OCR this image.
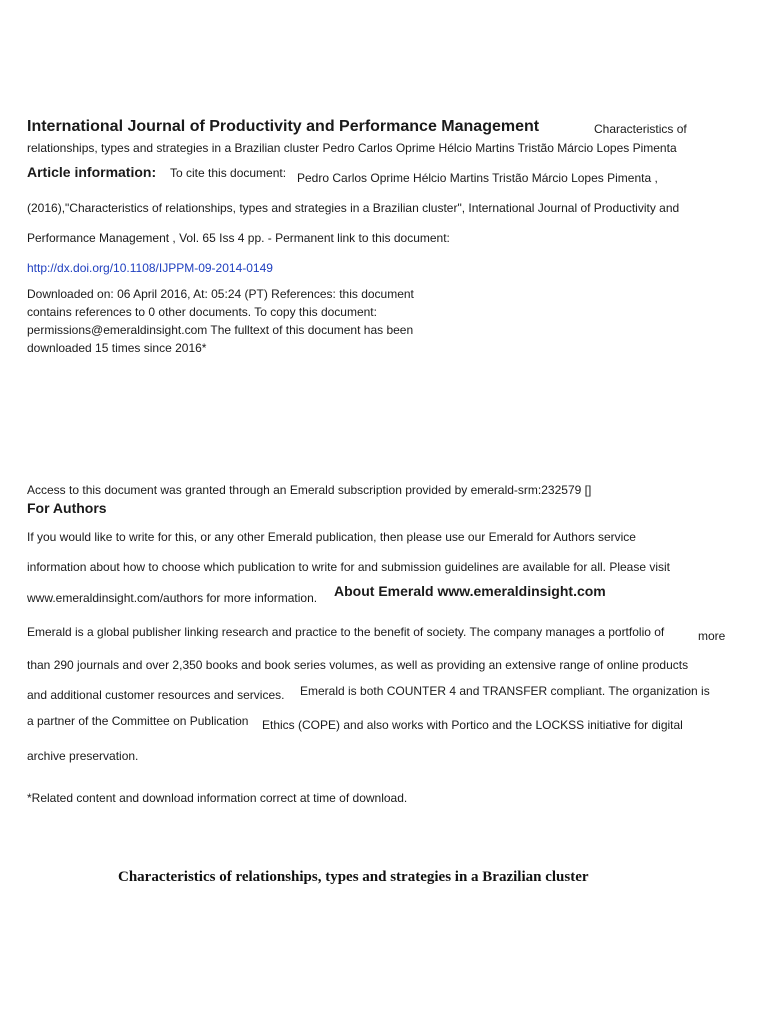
International Journal of Productivity and Performance Management	Characteristics of
relationships, types and strategies in a Brazilian cluster Pedro Carlos Oprime Hélcio Martins Tristão Márcio Lopes Pimenta
Article information: To cite this document: Pedro Carlos Oprime Hélcio Martins Tristão Márcio Lopes Pimenta ,
(2016),"Characteristics of relationships, types and strategies in a Brazilian cluster", International Journal of Productivity and
Performance Management , Vol. 65 Iss 4 pp. - Permanent link to this document:
http://dx.doi.org/10.1108/IJPPM-09-2014-0149
Downloaded on: 06 April 2016, At: 05:24 (PT) References: this document
contains references to 0 other documents. To copy this document:
permissions@emeraldinsight.com The fulltext of this document has been
downloaded 15 times since 2016*
Access to this document was granted through an Emerald subscription provided by emerald-srm:232579 []
For Authors
If you would like to write for this, or any other Emerald publication, then please use our Emerald for Authors service
information about how to choose which publication to write for and submission guidelines are available for all. Please visit
www.emeraldinsight.com/authors for more information. About Emerald www.emeraldinsight.com
Emerald is a global publisher linking research and practice to the benefit of society. The company manages a portfolio of	more
than 290 journals and over 2,350 books and book series volumes, as well as providing an extensive range of online products
and additional customer resources and services. Emerald is both COUNTER 4 and TRANSFER compliant. The organization is
a partner of the Committee on Publication Ethics (COPE) and also works with Portico and the LOCKSS initiative for digital
archive preservation.
*Related content and download information correct at time of download.
Characteristics of relationships, types and strategies in a Brazilian cluster
